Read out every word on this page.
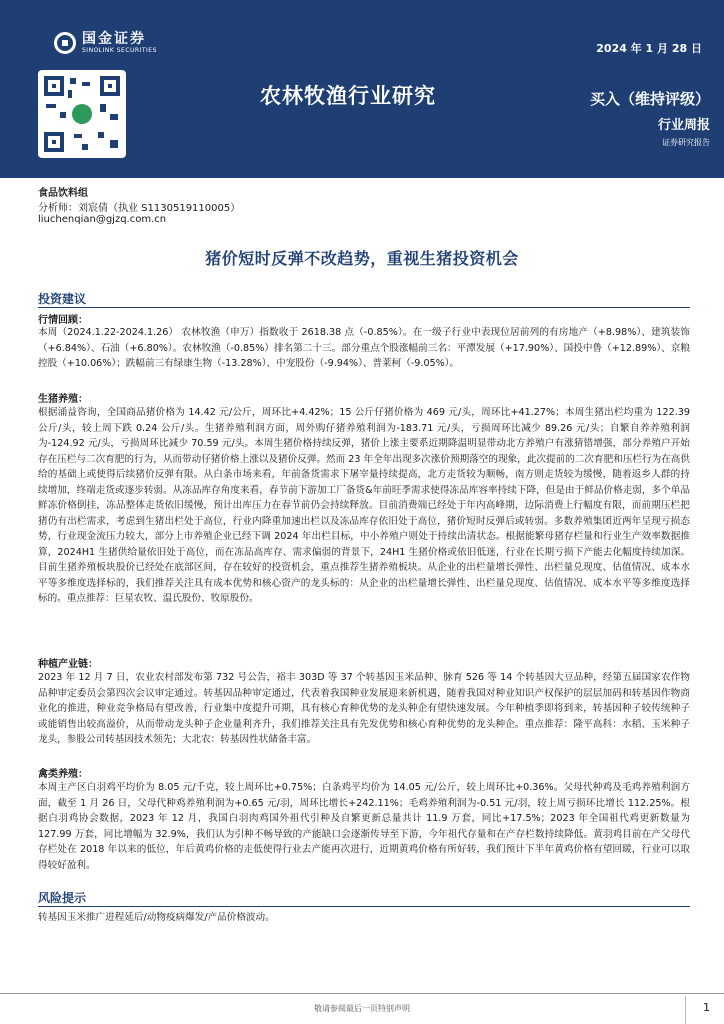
国金证券
SINOLINK SECURITIES	2024 年 1 月 28 日
农林牧渔行业研究	买入（维持评级）
行业周报
证券研究报告
食品饮料组
分析师：刘宸倩（执业 S1130519110005）
liuchenqian@gjzq.com.cn
猪价短时反弹不改趋势，重视生猪投资机会
投资建议
行情回顾：

本周（2024.1.22-2024.1.26） 农林牧渔（申万）指数收于 2618.38 点（-0.85%）。在一级子行业中表现位居前列的有房地产（+8.98%）、建筑装饰（+6.84%）、石油（+6.80%）。农林牧渔（-0.85%）排名第二十三。部分重点个股涨幅前三名：平潭发展（+17.90%）、国投中鲁（+12.89%）、京粮控股（+10.06%）；跌幅前三有绿康生物（-13.28%）、中宠股份（-9.94%）、普莱柯（-9.05%）。

生猪养殖：

根据涌益咨询，全国商品猪价格为 14.42 元/公斤，周环比+4.42%；15 公斤仔猪价格为 469 元/头，周环比+41.27%；本周生猪出栏均重为 122.39 公斤/头，较上周下跌 0.24 公斤/头。生猪养殖利润方面，周外购仔猪养殖利润为-183.71 元/头，亏损周环比减少 89.26 元/头；自繁自养养殖利润为-124.92 元/头，亏损周环比减少 70.59 元/头。本周生猪价格持续反弹，猪价上涨主要系近期降温明显带动北方养殖户有涨猜错增强，部分养殖户开始存在压栏与二次育肥的行为，从而带动仔猪价格上涨以及猪价反弹。然而 23 年全年出现多次涨价预期落空的现象，此次提前的二次育肥和压栏行为在高供给的基础上或使得后续猪价反弹有限。从白条市场来看，年前备货需求下屠宰量持续提高，北方走货较为顺畅，南方则走货较为缓慢，随着返乡人群的持续增加，终端走货或逐步转弱。从冻品库存角度来看，春节前下游加工厂备货&年前旺季需求使得冻品库容率持续下降，但是由于鲜品价格走弱，多个单品鲜冻价格倒挂，冻品整体走货依旧缓慢，预计出库压力在春节前仍会持续释放。目前消费端已经处于年内高峰期，边际消费上行幅度有限，而前期压栏把猪仍有出栏需求，考虑到生猪出栏处于高位，行业内降重加速出栏以及冻品库存依旧处于高位，猪价短时反弹后或转弱。多数养殖集团近两年呈现亏损态势，行业现金流压力较大，部分上市养殖企业已经下调 2024 年出栏目标，中小养殖户则处于持续出清状态。根据能繁母猪存栏量和行业生产效率数据推算，2024H1 生猪供给量依旧处于高位，而在冻品高库存、需求偏弱的背景下，24H1 生猪价格或依旧低迷，行业在长期亏损下产能去化幅度持续加深。目前生猪养殖板块股价已经处在底部区间，存在较好的投资机会，重点推荐生猪养殖板块。从企业的出栏量增长弹性、出栏量兑现度、估值情况、成本水平等多维度选择标的，我们推荐关注具有成本优势和核心资产的龙头标的：从企业的出栏量增长弹性、出栏量兑现度、估值情况、成本水平等多维度选择标的。重点推荐：巨星农牧、温氏股份、牧原股份。

种植产业链：

2023 年 12 月 7 日，农业农村部发布第 732 号公告，裕丰 303D 等 37 个转基因玉米品种、脉育 526 等 14 个转基因大豆品种，经第五届国家农作物品种审定委员会第四次会议审定通过。转基因品种审定通过，代表着我国种业发展迎来新机遇，随着我国对种业知识产权保护的层层加码和转基因作物商业化的推进，种业竞争格局有望改善，行业集中度提升可期，具有核心育种优势的龙头种企有望快速发展。今年种植季即将到来，转基因种子较传统种子或能销售出较高溢价，从而带动龙头种子企业量利齐升，我们推荐关注具有先发优势和核心育种优势的龙头种企。重点推荐：隆平高科：水稻、玉米种子龙头，参股公司转基因技术领先；大北农：转基因性状储备丰富。

禽类养殖：

本周主产区白羽鸡平均价为 8.05 元/千克，较上周环比+0.75%；白条鸡平均价为 14.05 元/公斤，较上周环比+0.36%。父母代种鸡及毛鸡养殖利润方面，截至 1 月 26 日，父母代种鸡养殖利润为+0.65 元/羽，周环比增长+242.11%；毛鸡养殖利润为-0.51 元/羽，较上周亏损环比增长 112.25%。根据白羽鸡协会数据，2023 年 12 月，我国白羽肉鸡国外祖代引种及自繁更新总量共计 11.9 万套，同比+17.5%；2023 年全国祖代鸡更新数量为 127.99 万套，同比增幅为 32.9%，我们认为引种不畅导致的产能缺口会逐渐传导至下游，今年祖代存量和在产存栏数持续降低。黄羽鸡目前在产父母代存栏处在 2018 年以来的低位，年后黄鸡价格的走低使得行业去产能再次进行，近期黄鸡价格有所好转，我们预计下半年黄鸡价格有望回暖，行业可以取得较好盈利。

风险提示

转基因玉米推广进程延后/动物疫病爆发/产品价格波动。

敬请参阅最后一页特别声明	1
